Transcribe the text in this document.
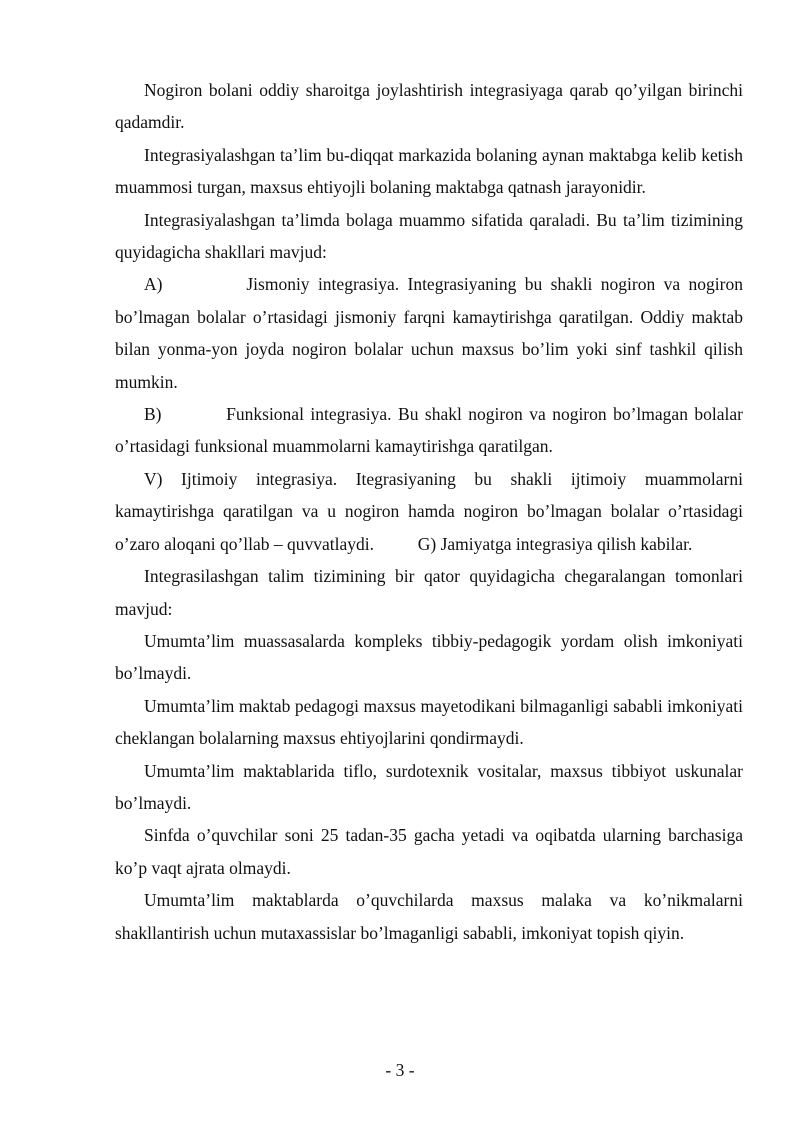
Nogiron bolani oddiy sharoitga joylashtirish integrasiyaga qarab qo’yilgan birinchi qadamdir.

Integrasiyalashgan ta’lim bu-diqqat markazida bolaning aynan maktabga kelib ketish muammosi turgan, maxsus ehtiyojli bolaning maktabga qatnash jarayonidir.

Integrasiyalashgan ta’limda bolaga muammo sifatida qaraladi. Bu ta’lim tizimining quyidagicha shakllari mavjud:

A)          Jismoniy integrasiya. Integrasiyaning bu shakli nogiron va nogiron bo’lmagan bolalar o’rtasidagi jismoniy farqni kamaytirishga qaratilgan. Oddiy maktab bilan yonma-yon joyda nogiron bolalar uchun maxsus bo’lim yoki sinf tashkil qilish mumkin.

B)          Funksional integrasiya. Bu shakl nogiron va nogiron bo’lmagan bolalar o’rtasidagi funksional muammolarni kamaytirishga qaratilgan.

V) Ijtimoiy integrasiya. Itegrasiyaning bu shakli ijtimoiy muammolarni kamaytirishga qaratilgan va u nogiron hamda nogiron bo’lmagan bolalar o’rtasidagi o’zaro aloqani qo’llab – quvvatlaydi.          G) Jamiyatga integrasiya qilish kabilar.

Integrasilashgan talim tizimining bir qator quyidagicha chegaralangan tomonlari mavjud:

Umumta’lim muassasalarda kompleks tibbiy-pedagogik yordam olish imkoniyati bo’lmaydi.

Umumta’lim maktab pedagogi maxsus mayetodikani bilmaganligi sababli imkoniyati cheklangan bolalarning maxsus ehtiyojlarini qondirmaydi.

Umumta’lim maktablarida tiflo, surdotexnik vositalar, maxsus tibbiyot uskunalar bo’lmaydi.

Sinfda o’quvchilar soni 25 tadan-35 gacha yetadi va oqibatda ularning barchasiga ko’p vaqt ajrata olmaydi.

Umumta’lim maktablarda o’quvchilarda maxsus malaka va ko’nikmalarni shakllantirish uchun mutaxassislar bo’lmaganligi sababli, imkoniyat topish qiyin.

- 3 -
